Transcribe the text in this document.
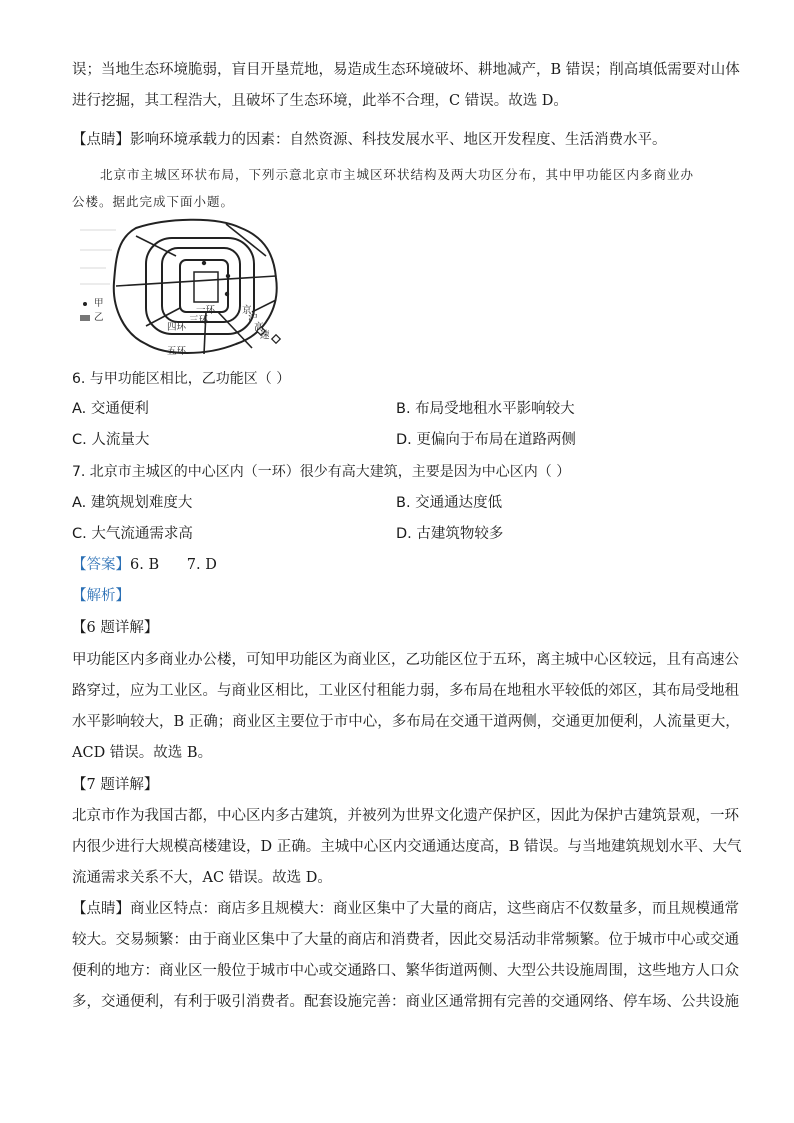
误；当地生态环境脆弱，盲目开垦荒地，易造成生态环境破坏、耕地减产，B 错误；削高填低需要对山体
进行挖掘，其工程浩大，且破坏了生态环境，此举不合理，C 错误。故选 D。
【点睛】影响环境承载力的因素：自然资源、科技发展水平、地区开发程度、生活消费水平。
北京市主城区环状布局，下列示意北京市主城区环状结构及两大功区分布，其中甲功能区内多商业办
公楼。据此完成下面小题。
甲
乙
一环
三环
四环
五环
京
沪
高
速
6. 与甲功能区相比，乙功能区（ ）
A. 交通便利	B. 布局受地租水平影响较大
C. 人流量大	D. 更偏向于布局在道路两侧
7. 北京市主城区的中心区内（一环）很少有高大建筑，主要是因为中心区内（ ）
A. 建筑规划难度大	B. 交通通达度低
C. 大气流通需求高	D. 古建筑物较多
【答案】6. B      7. D
【解析】
【6 题详解】
甲功能区内多商业办公楼，可知甲功能区为商业区，乙功能区位于五环，离主城中心区较远，且有高速公
路穿过，应为工业区。与商业区相比，工业区付租能力弱，多布局在地租水平较低的郊区，其布局受地租
水平影响较大，B 正确；商业区主要位于市中心，多布局在交通干道两侧，交通更加便利，人流量更大，
ACD 错误。故选 B。
【7 题详解】
北京市作为我国古都，中心区内多古建筑，并被列为世界文化遗产保护区，因此为保护古建筑景观，一环
内很少进行大规模高楼建设，D 正确。主城中心区内交通通达度高，B 错误。与当地建筑规划水平、大气
流通需求关系不大，AC 错误。故选 D。
【点睛】商业区特点：商店多且规模大：商业区集中了大量的商店，这些商店不仅数量多，而且规模通常
较大。交易频繁：由于商业区集中了大量的商店和消费者，因此交易活动非常频繁。位于城市中心或交通
便利的地方：商业区一般位于城市中心或交通路口、繁华街道两侧、大型公共设施周围，这些地方人口众
多，交通便利，有利于吸引消费者。配套设施完善：商业区通常拥有完善的交通网络、停车场、公共设施
